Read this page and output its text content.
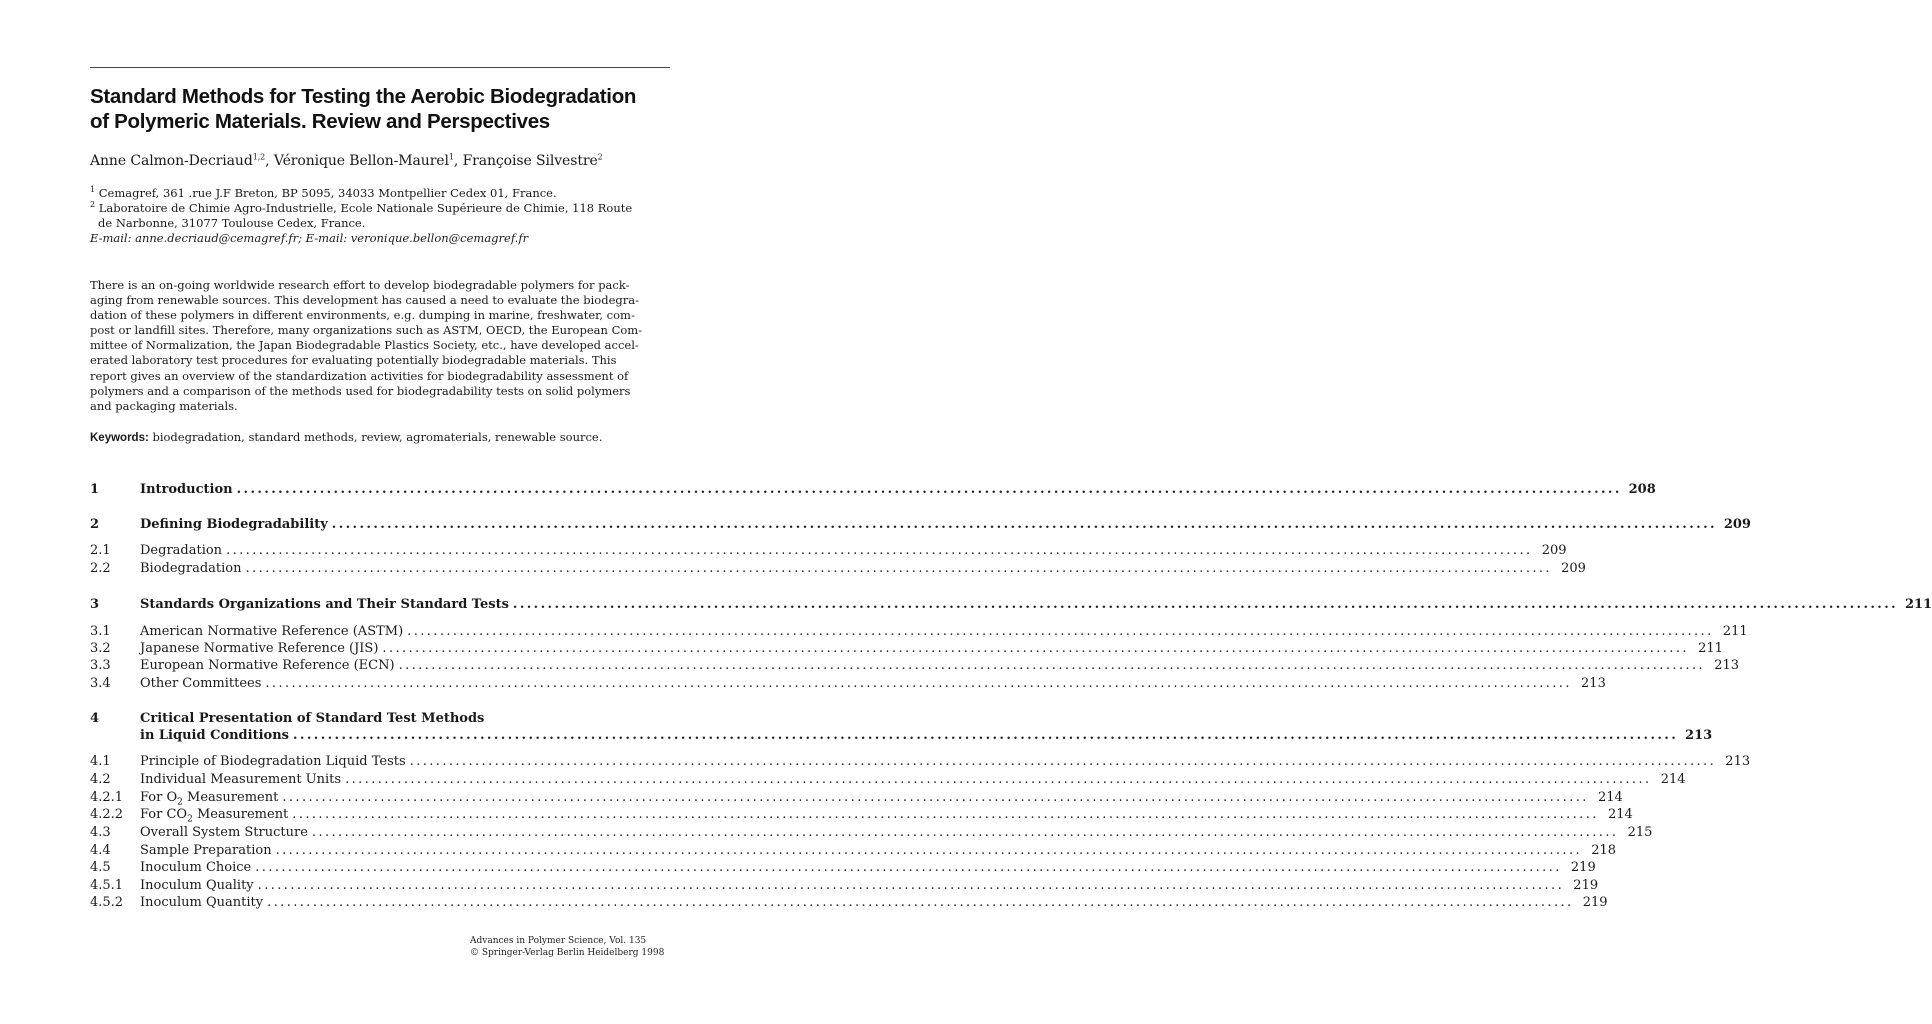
Standard Methods for Testing the Aerobic Biodegradation
of Polymeric Materials. Review and Perspectives
Anne Calmon-Decriaud$^{1,2}$, Véronique Bellon-Maurel$^1$, Françoise Silvestre$^2$
$^1$ Cemagref, 361 .rue J.F Breton, BP 5095, 34033 Montpellier Cedex 01, France.
$^2$ Laboratoire de Chimie Agro-Industrielle, Ecole Nationale Supérieure de Chimie, 118 Route
de Narbonne, 31077 Toulouse Cedex, France.
E-mail: anne.decriaud@cemagref.fr; E-mail: veronique.bellon@cemagref.fr
There is an on-going worldwide research effort to develop biodegradable polymers for pack-
aging from renewable sources. This development has caused a need to evaluate the biodegra-
dation of these polymers in different environments, e.g. dumping in marine, freshwater, com-
post or landfill sites. Therefore, many organizations such as ASTM, OECD, the European Com-
mittee of Normalization, the Japan Biodegradable Plastics Society, etc., have developed accel-
erated laboratory test procedures for evaluating potentially biodegradable materials. This
report gives an overview of the standardization activities for biodegradability assessment of
polymers and a comparison of the methods used for biodegradability tests on solid polymers
and packaging materials.
Keywords: biodegradation, standard methods, review, agromaterials, renewable source.
1	Introduction ........................................................................................................................................................................................................ 208
2	Defining Biodegradability ........................................................................................................................................................................................................ 209
2.1	Degradation ........................................................................................................................................................................................................ 209
2.2	Biodegradation ........................................................................................................................................................................................................ 209
3	Standards Organizations and Their Standard Tests ........................................................................................................................................................................................................ 211
3.1	American Normative Reference (ASTM) ........................................................................................................................................................................................................ 211
3.2	Japanese Normative Reference (JIS) ........................................................................................................................................................................................................ 211
3.3	European Normative Reference (ECN) ........................................................................................................................................................................................................ 213
3.4	Other Committees ........................................................................................................................................................................................................ 213
4	Critical Presentation of Standard Test Methods
in Liquid Conditions ........................................................................................................................................................................................................ 213
4.1	Principle of Biodegradation Liquid Tests ........................................................................................................................................................................................................ 213
4.2	Individual Measurement Units ........................................................................................................................................................................................................ 214
4.2.1	For $O_2$ Measurement ........................................................................................................................................................................................................ 214
4.2.2	For $CO_2$ Measurement ........................................................................................................................................................................................................ 214
4.3	Overall System Structure ........................................................................................................................................................................................................ 215
4.4	Sample Preparation ........................................................................................................................................................................................................ 218
4.5	Inoculum Choice ........................................................................................................................................................................................................ 219
4.5.1	Inoculum Quality ........................................................................................................................................................................................................ 219
4.5.2	Inoculum Quantity ........................................................................................................................................................................................................ 219
Advances in Polymer Science, Vol. 135
© Springer-Verlag Berlin Heidelberg 1998
